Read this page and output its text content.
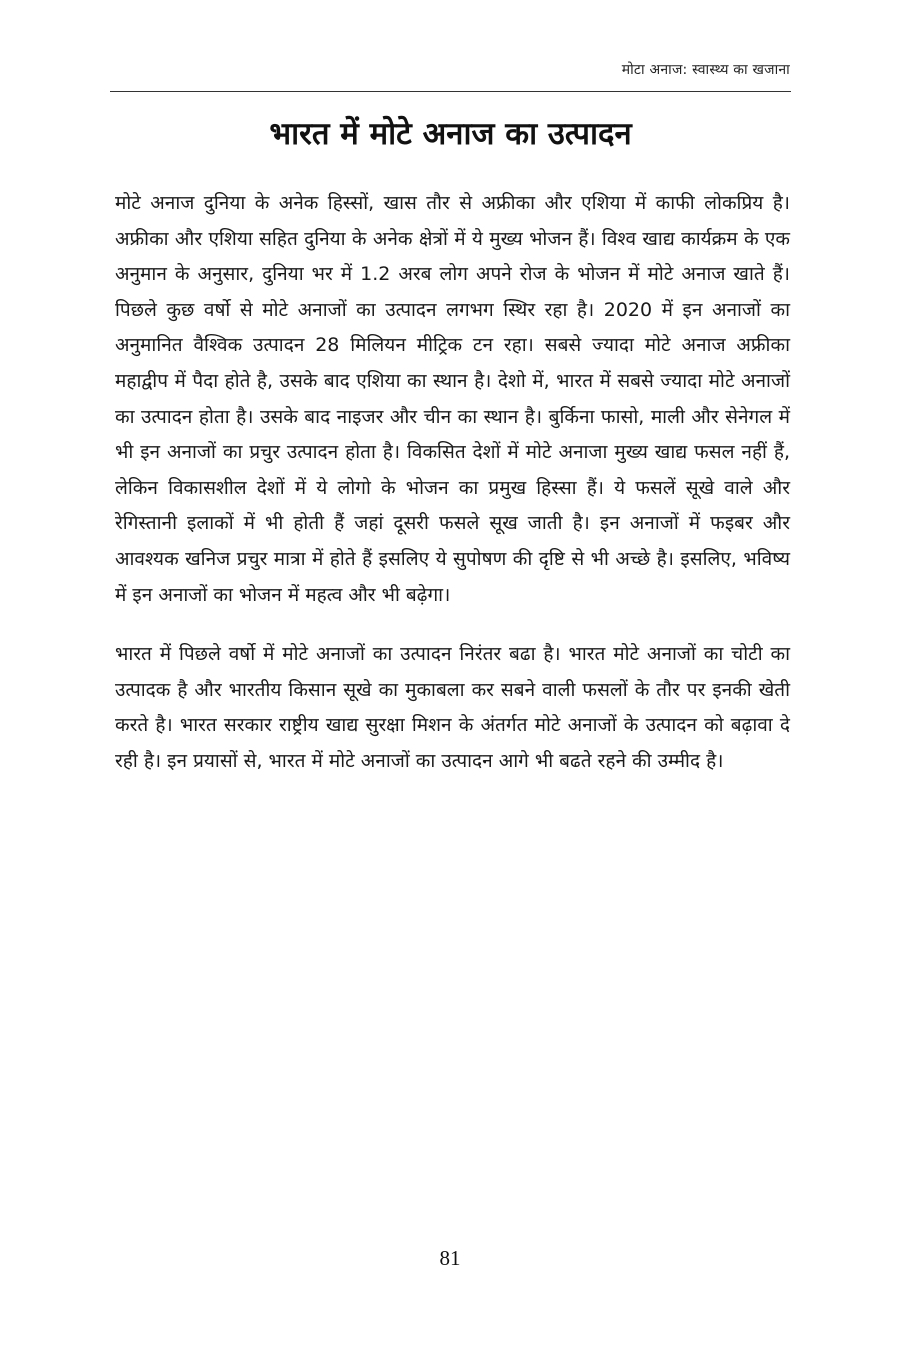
मोटा अनाज: स्वास्थ्य का खजाना
भारत में मोटे अनाज का उत्पादन

मोटे अनाज दुनिया के अनेक हिस्सों, खास तौर से अफ्रीका और एशिया में काफी लोकप्रिय है। अफ्रीका और एशिया सहित दुनिया के अनेक क्षेत्रों में ये मुख्य भोजन हैं। विश्व खाद्य कार्यक्रम के एक अनुमान के अनुसार, दुनिया भर में 1.2 अरब लोग अपने रोज के भोजन में मोटे अनाज खाते हैं। पिछले कुछ वर्षो से मोटे अनाजों का उत्पादन लगभग स्थिर रहा है। 2020 में इन अनाजों का अनुमानित वैश्विक उत्पादन 28 मिलियन मीट्रिक टन रहा। सबसे ज्यादा मोटे अनाज अफ्रीका महाद्वीप में पैदा होते है, उसके बाद एशिया का स्थान है। देशो में, भारत में सबसे ज्यादा मोटे अनाजों का उत्पादन होता है। उसके बाद नाइजर और चीन का स्थान है। बुर्किना फासो, माली और सेनेगल में भी इन अनाजों का प्रचुर उत्पादन होता है। विकसित देशों में मोटे अनाजा मुख्य खाद्य फसल नहीं हैं, लेकिन विकासशील देशों में ये लोगो के भोजन का प्रमुख हिस्सा हैं। ये फसलें सूखे वाले और रेगिस्तानी इलाकों में भी होती हैं जहां दूसरी फसले सूख जाती है। इन अनाजों में फइबर और आवश्यक खनिज प्रचुर मात्रा में होते हैं इसलिए ये सुपोषण की दृष्टि से भी अच्छे है। इसलिए, भविष्य में इन अनाजों का भोजन में महत्व और भी बढ़ेगा।

भारत में पिछले वर्षो में मोटे अनाजों का उत्पादन निरंतर बढा है। भारत मोटे अनाजों का चोटी का उत्पादक है और भारतीय किसान सूखे का मुकाबला कर सबने वाली फसलों के तौर पर इनकी खेती करते है। भारत सरकार राष्ट्रीय खाद्य सुरक्षा मिशन के अंतर्गत मोटे अनाजों के उत्पादन को बढ़ावा दे रही है। इन प्रयासों से, भारत में मोटे अनाजों का उत्पादन आगे भी बढते रहने की उम्मीद है।

81
